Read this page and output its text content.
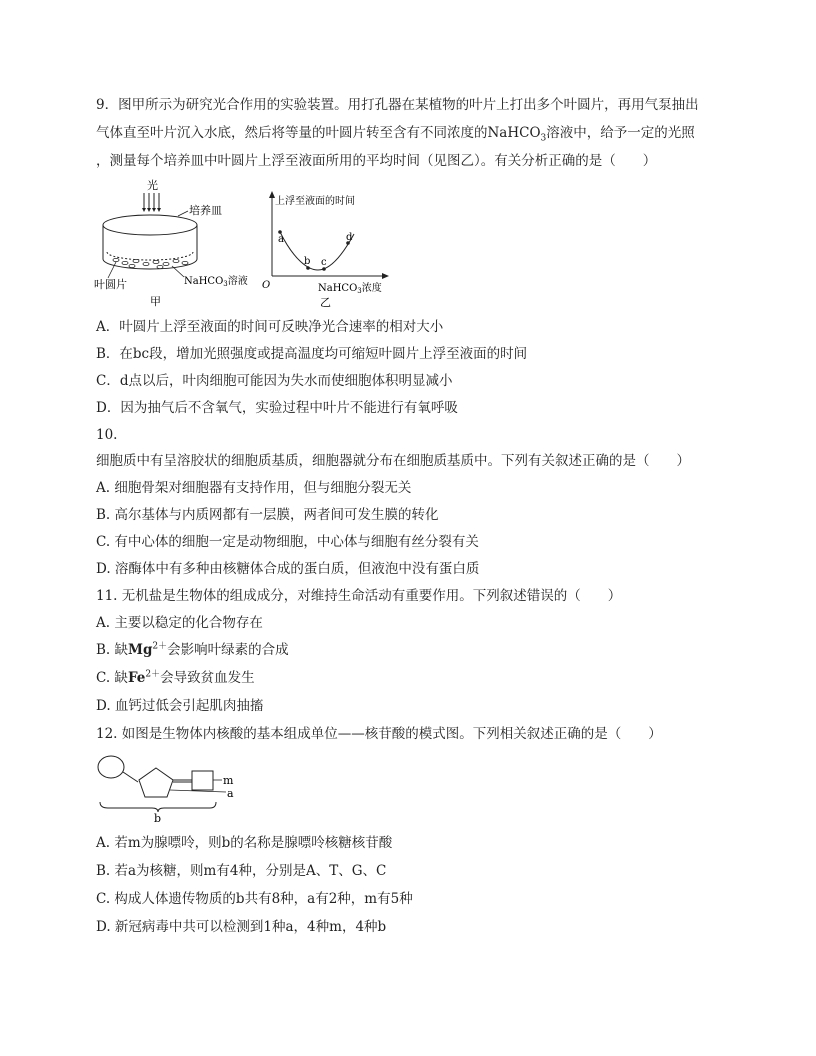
9．图甲所示为研究光合作用的实验装置。用打孔器在某植物的叶片上打出多个叶圆片，再用气泵抽出
气体直至叶片沉入水底，然后将等量的叶圆片转至含有不同浓度的NaHCO$_3$溶液中，给予一定的光照
，测量每个培养皿中叶圆片上浮至液面所用的平均时间（见图乙）。有关分析正确的是（　　）
光
培养皿
叶圆片	NaHCO$_3$溶液
甲
上浮至液面的时间
O
a
b c
d
NaHCO$_3$浓度
乙
A．叶圆片上浮至液面的时间可反映净光合速率的相对大小
B．在bc段，增加光照强度或提高温度均可缩短叶圆片上浮至液面的时间
C．d点以后，叶肉细胞可能因为失水而使细胞体积明显减小
D．因为抽气后不含氧气，实验过程中叶片不能进行有氧呼吸
10.
细胞质中有呈溶胶状的细胞质基质，细胞器就分布在细胞质基质中。下列有关叙述正确的是（　　）
A. 细胞骨架对细胞器有支持作用，但与细胞分裂无关
B. 高尔基体与内质网都有一层膜，两者间可发生膜的转化
C. 有中心体的细胞一定是动物细胞，中心体与细胞有丝分裂有关
D. 溶酶体中有多种由核糖体合成的蛋白质，但液泡中没有蛋白质
11. 无机盐是生物体的组成成分，对维持生命活动有重要作用。下列叙述错误的（　　）
A. 主要以稳定的化合物存在
B. 缺$Mg^{2+}$会影响叶绿素的合成
C. 缺$Fe^{2+}$会导致贫血发生
D. 血钙过低会引起肌肉抽搐
12. 如图是生物体内核酸的基本组成单位——核苷酸的模式图。下列相关叙述正确的是（　　）
m
a
b
A. 若m为腺嘌呤，则b的名称是腺嘌呤核糖核苷酸
B. 若a为核糖，则m有4种，分别是A、T、G、C
C. 构成人体遗传物质的b共有8种，a有2种，m有5种
D. 新冠病毒中共可以检测到1种a，4种m，4种b
